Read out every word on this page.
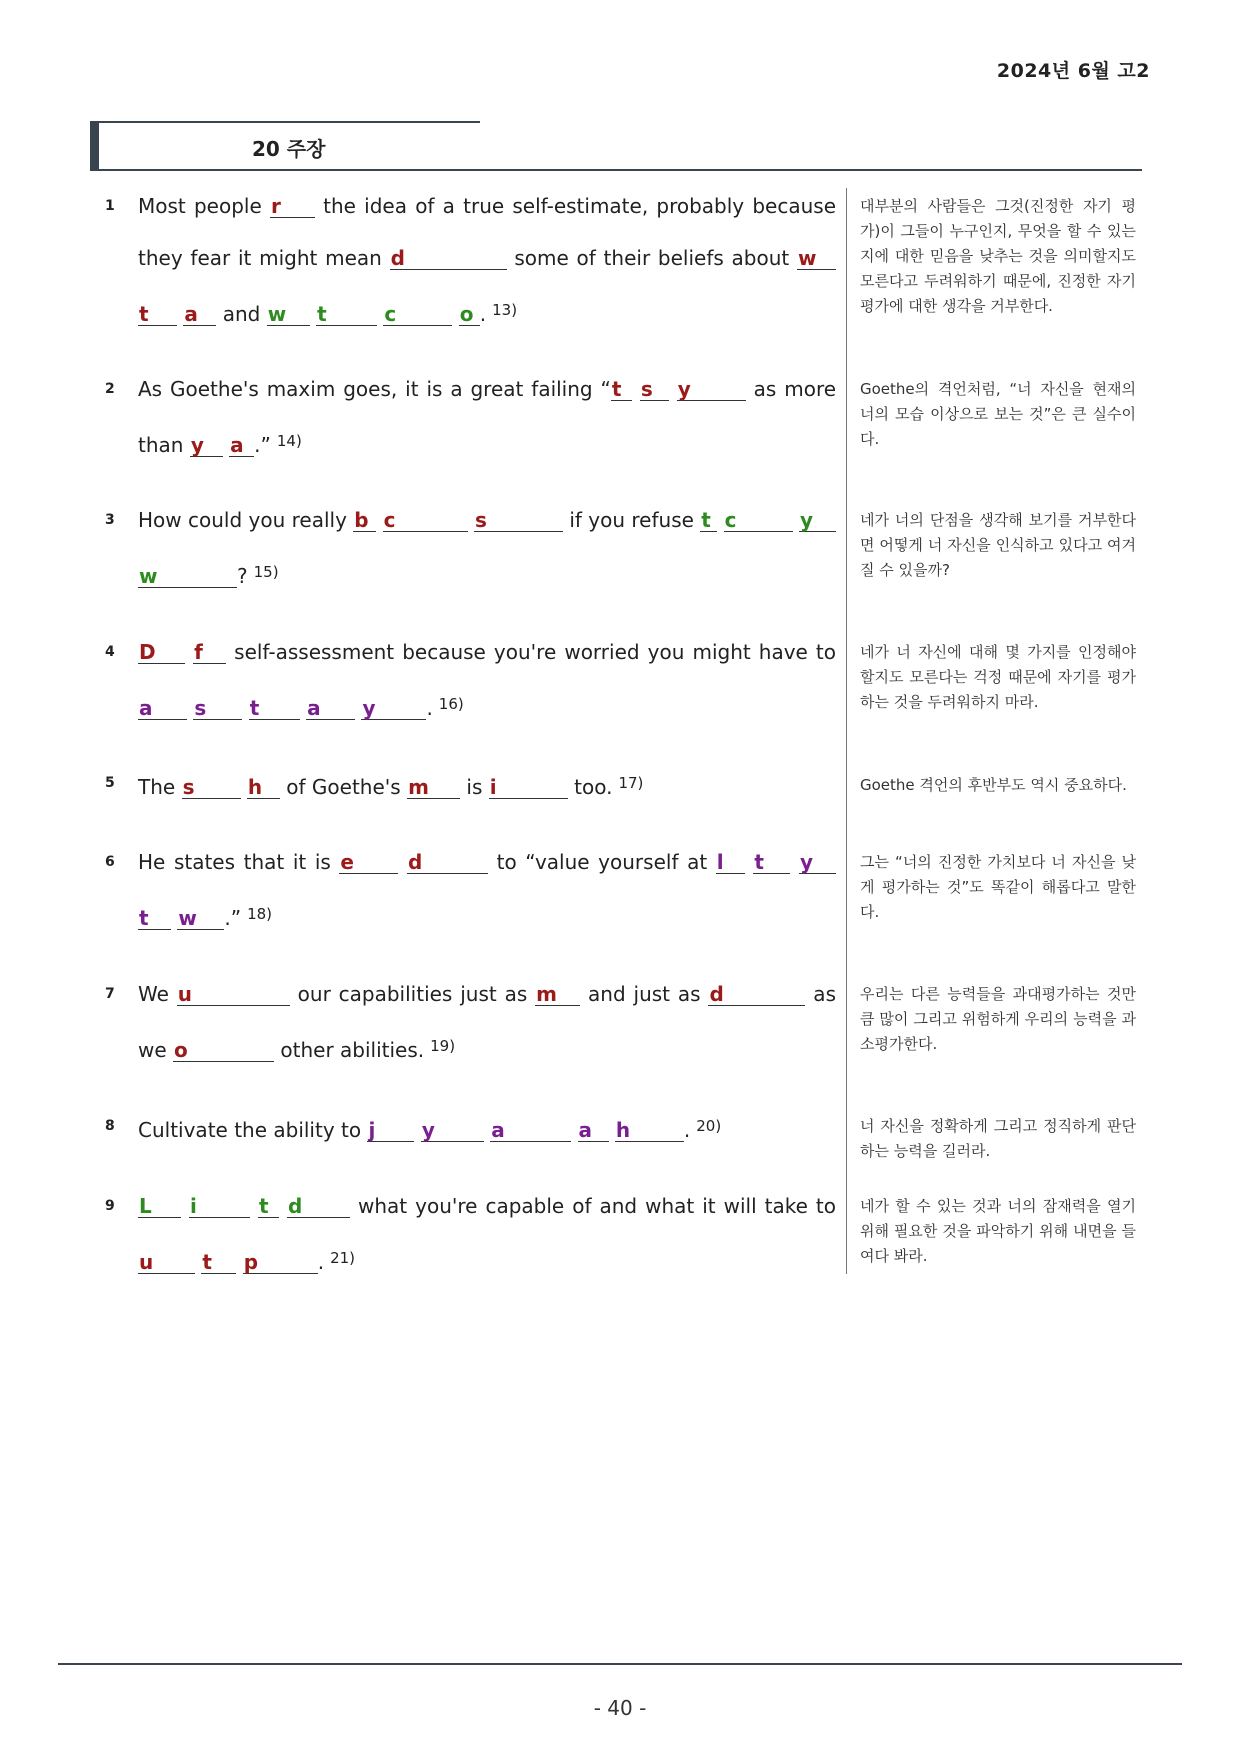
2024년 6월 고2
20 주장
1 Most people r the idea of a true self-estimate, probably because they fear it might mean d	some of their beliefs about w t a and w t	c	o . $^{13)}$
대부분의 사람들은 그것(진정한 자기 평가)이 그들이 누구인지, 무엇을 할 수 있는지에 대한 믿음을 낮추는 것을 의미할지도 모른다고 두려워하기 때문에, 진정한 자기 평가에 대한 생각을 거부한다.
2 As Goethe's maxim goes, it is a great failing “t s y	as more than y a .” $^{14)}$
Goethe의 격언처럼, “너 자신을 현재의 너의 모습 이상으로 보는 것”은 큰 실수이다.
3 How could you really b c	s	if you refuse t c	y w	? $^{15)}$
네가 너의 단점을 생각해 보기를 거부한다면 어떻게 너 자신을 인식하고 있다고 여겨질 수 있을까?
4 D f self-assessment because you're worried you might have to a s t a y	. $^{16)}$
네가 너 자신에 대해 몇 가지를 인정해야 할지도 모른다는 걱정 때문에 자기를 평가하는 것을 두려워하지 마라.
5 The s	h of Goethe's m is i	too. $^{17)}$	Goethe 격언의 후반부도 역시 중요하다.
6 He states that it is e	d	to “value yourself at l t y t w .” $^{18)}$
그는 “너의 진정한 가치보다 너 자신을 낮게 평가하는 것”도 똑같이 해롭다고 말한다.
7 We u	our capabilities just as m and just as d	as we o	other abilities. $^{19)}$
우리는 다른 능력들을 과대평가하는 것만큼 많이 그리고 위험하게 우리의 능력을 과소평가한다.
8 Cultivate the ability to j y	a	a h	. $^{20)}$	너 자신을 정확하게 그리고 정직하게 판단하는 능력을 길러라.
9 L i	t d what you're capable of and what it will take to u t p	. $^{21)}$
네가 할 수 있는 것과 너의 잠재력을 열기 위해 필요한 것을 파악하기 위해 내면을 들여다 봐라.
- 40 -
